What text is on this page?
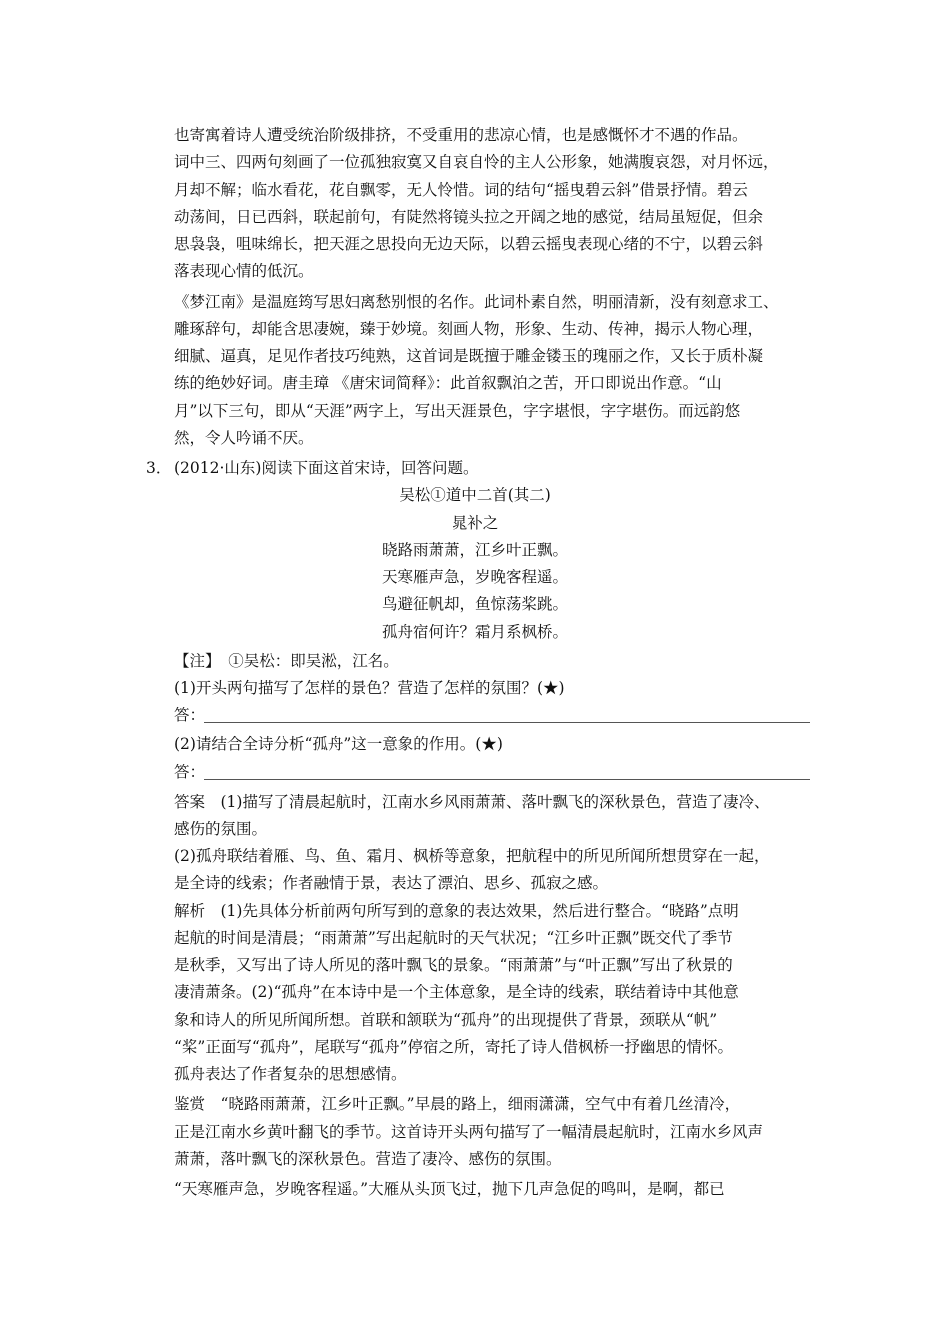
也寄寓着诗人遭受统治阶级排挤，不受重用的悲凉心情，也是感慨怀才不遇的作品。
词中三、四两句刻画了一位孤独寂寞又自哀自怜的主人公形象，她满腹哀怨，对月怀远，
月却不解；临水看花，花自飘零，无人怜惜。词的结句“摇曳碧云斜”借景抒情。碧云
动荡间，日已西斜，联起前句，有陡然将镜头拉之开阔之地的感觉，结局虽短促，但余
思袅袅，咀味绵长，把天涯之思投向无边天际，以碧云摇曳表现心绪的不宁，以碧云斜
落表现心情的低沉。
《梦江南》是温庭筠写思妇离愁别恨的名作。此词朴素自然，明丽清新，没有刻意求工、
雕琢辞句，却能含思凄婉，臻于妙境。刻画人物，形象、生动、传神，揭示人物心理，
细腻、逼真，足见作者技巧纯熟，这首词是既擅于雕金镂玉的瑰丽之作，又长于质朴凝
练的绝妙好词。唐圭璋 《唐宋词简释》：此首叙飘泊之苦，开口即说出作意。“山
月”以下三句，即从“天涯”两字上，写出天涯景色，字字堪恨，字字堪伤。而远韵悠
然，令人吟诵不厌。
3． (2012·山东)阅读下面这首宋诗，回答问题。
吴松①道中二首(其二)
晁补之
晓路雨萧萧，江乡叶正飘。
天寒雁声急，岁晚客程遥。
鸟避征帆却，鱼惊荡桨跳。
孤舟宿何许？霜月系枫桥。
【注】　①吴松：即吴淞，江名。
(1)开头两句描写了怎样的景色？营造了怎样的氛围？(★)
答：
(2)请结合全诗分析“孤舟”这一意象的作用。(★)
答：
答案　(1)描写了清晨起航时，江南水乡风雨萧萧、落叶飘飞的深秋景色，营造了凄冷、
感伤的氛围。
(2)孤舟联结着雁、鸟、鱼、霜月、枫桥等意象，把航程中的所见所闻所想贯穿在一起，
是全诗的线索；作者融情于景，表达了漂泊、思乡、孤寂之感。
解析　(1)先具体分析前两句所写到的意象的表达效果，然后进行整合。“晓路”点明
起航的时间是清晨；“雨萧萧”写出起航时的天气状况；“江乡叶正飘”既交代了季节
是秋季，又写出了诗人所见的落叶飘飞的景象。“雨萧萧”与“叶正飘”写出了秋景的
凄清萧条。(2)“孤舟”在本诗中是一个主体意象，是全诗的线索，联结着诗中其他意
象和诗人的所见所闻所想。首联和颔联为“孤舟”的出现提供了背景，颈联从“帆”
“桨”正面写“孤舟”，尾联写“孤舟”停宿之所，寄托了诗人借枫桥一抒幽思的情怀。
孤舟表达了作者复杂的思想感情。
鉴赏　“晓路雨萧萧，江乡叶正飘。”早晨的路上，细雨潇潇，空气中有着几丝清冷，
正是江南水乡黄叶翻飞的季节。这首诗开头两句描写了一幅清晨起航时，江南水乡风声
萧萧，落叶飘飞的深秋景色。营造了凄冷、感伤的氛围。
“天寒雁声急，岁晚客程遥。”大雁从头顶飞过，抛下几声急促的鸣叫，是啊，都已
